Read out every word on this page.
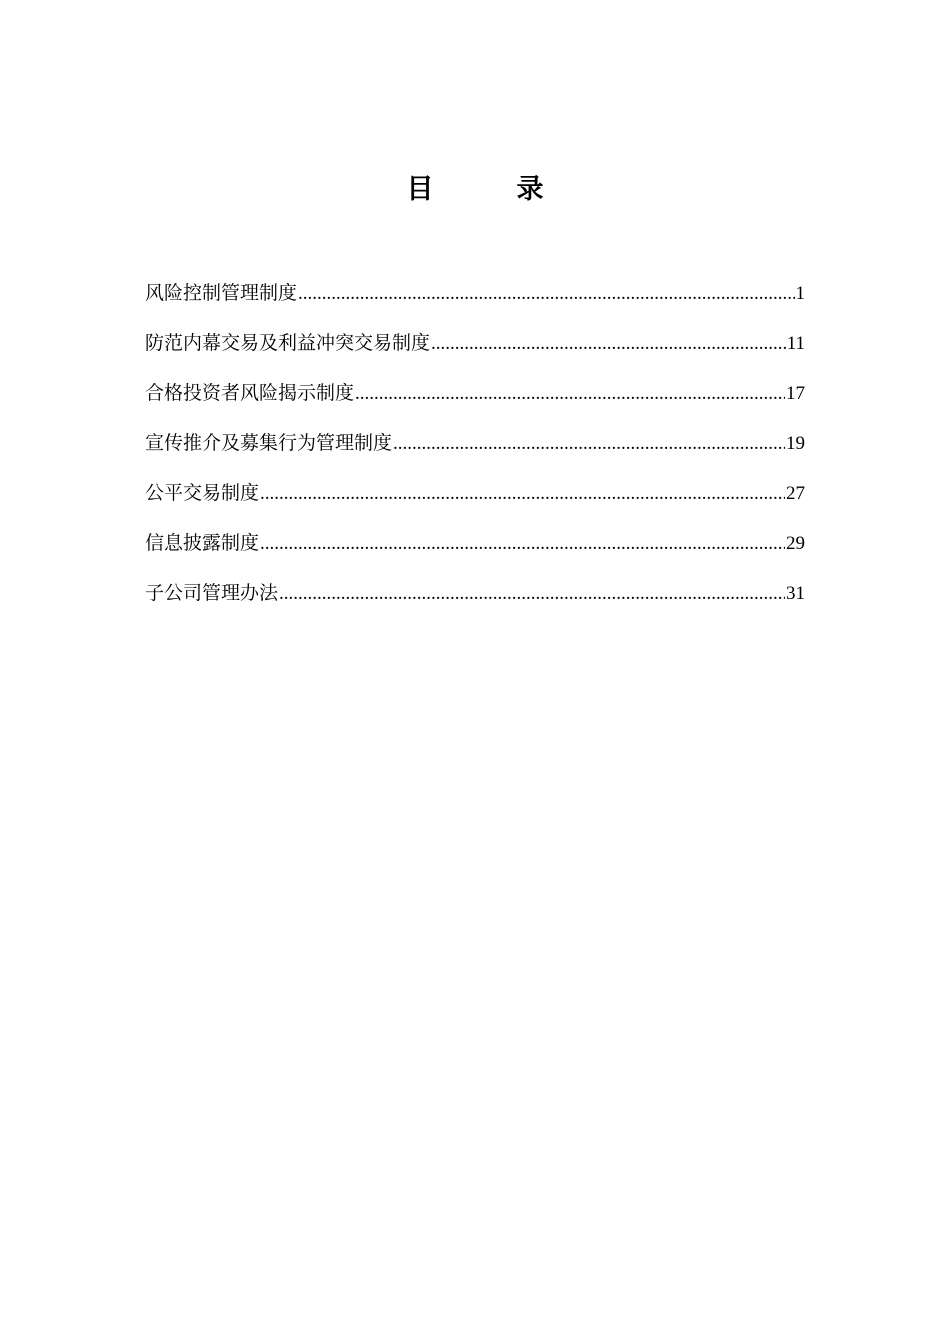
目　录
风险控制管理制度 .....	1
防范内幕交易及利益冲突交易制度 .....	11
合格投资者风险揭示制度 .....	17
宣传推介及募集行为管理制度 .....	19
公平交易制度 .....	27
信息披露制度 .....	29
子公司管理办法 .....	31
